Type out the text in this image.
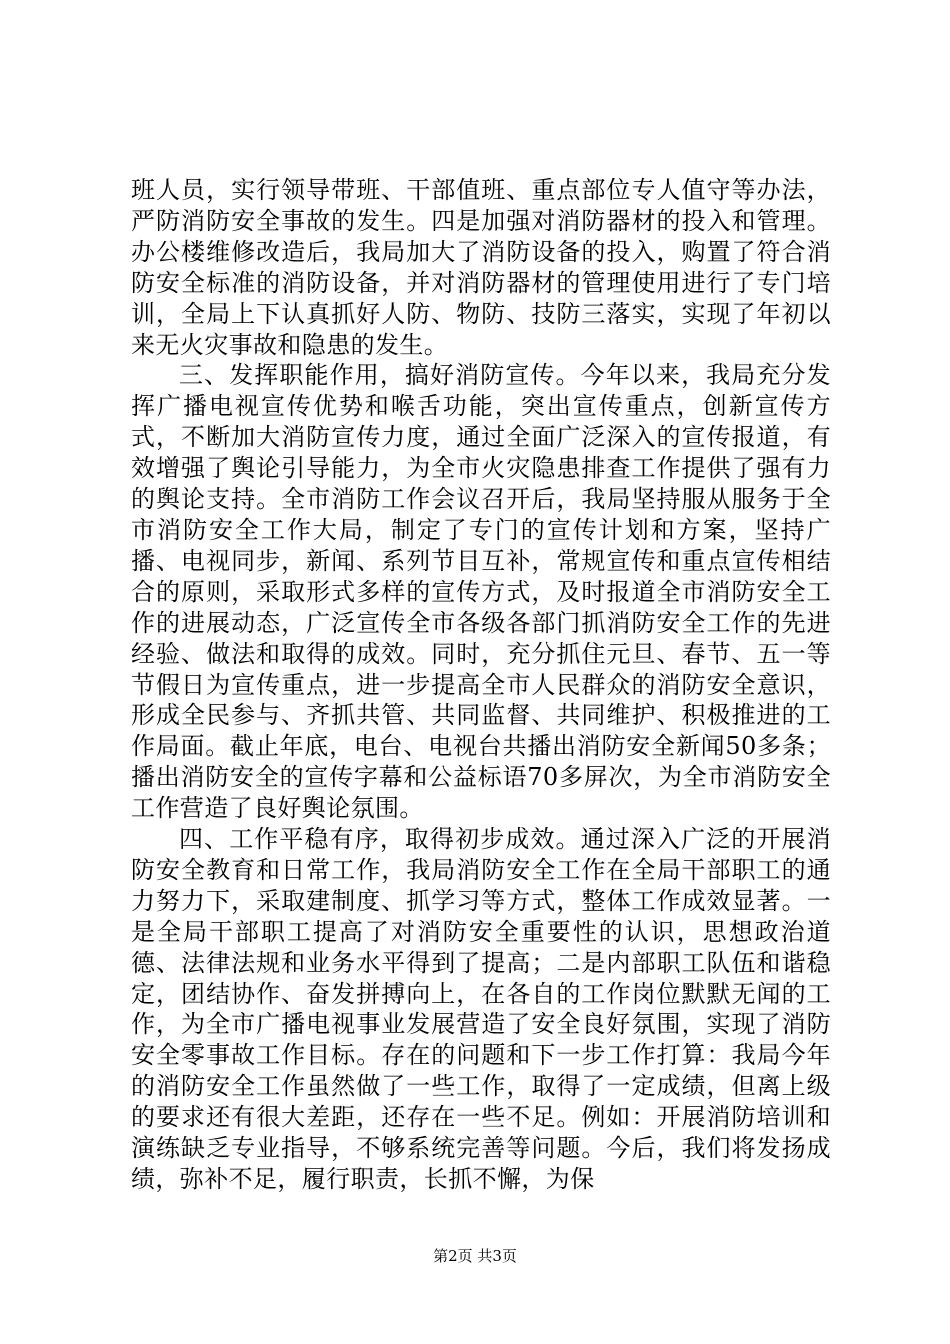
班人员，实行领导带班、干部值班、重点部位专人值守等办法，严防消防安全事故的发生。四是加强对消防器材的投入和管理。办公楼维修改造后，我局加大了消防设备的投入，购置了符合消防安全标准的消防设备，并对消防器材的管理使用进行了专门培训，全局上下认真抓好人防、物防、技防三落实，实现了年初以来无火灾事故和隐患的发生。

三、发挥职能作用，搞好消防宣传。今年以来，我局充分发挥广播电视宣传优势和喉舌功能，突出宣传重点，创新宣传方式，不断加大消防宣传力度，通过全面广泛深入的宣传报道，有效增强了舆论引导能力，为全市火灾隐患排查工作提供了强有力的舆论支持。全市消防工作会议召开后，我局坚持服从服务于全市消防安全工作大局，制定了专门的宣传计划和方案，坚持广播、电视同步，新闻、系列节目互补，常规宣传和重点宣传相结合的原则，采取形式多样的宣传方式，及时报道全市消防安全工作的进展动态，广泛宣传全市各级各部门抓消防安全工作的先进经验、做法和取得的成效。同时，充分抓住元旦、春节、五一等节假日为宣传重点，进一步提高全市人民群众的消防安全意识，形成全民参与、齐抓共管、共同监督、共同维护、积极推进的工作局面。截止年底，电台、电视台共播出消防安全新闻50多条；播出消防安全的宣传字幕和公益标语70多屏次，为全市消防安全工作营造了良好舆论氛围。

四、工作平稳有序，取得初步成效。通过深入广泛的开展消防安全教育和日常工作，我局消防安全工作在全局干部职工的通力努力下，采取建制度、抓学习等方式，整体工作成效显著。一是全局干部职工提高了对消防安全重要性的认识，思想政治道德、法律法规和业务水平得到了提高；二是内部职工队伍和谐稳定，团结协作、奋发拼搏向上，在各自的工作岗位默默无闻的工作，为全市广播电视事业发展营造了安全良好氛围，实现了消防安全零事故工作目标。存在的问题和下一步工作打算：我局今年的消防安全工作虽然做了一些工作，取得了一定成绩，但离上级的要求还有很大差距，还存在一些不足。例如：开展消防培训和演练缺乏专业指导，不够系统完善等问题。今后，我们将发扬成绩，弥补不足，履行职责，长抓不懈，为保

第2页 共3页
